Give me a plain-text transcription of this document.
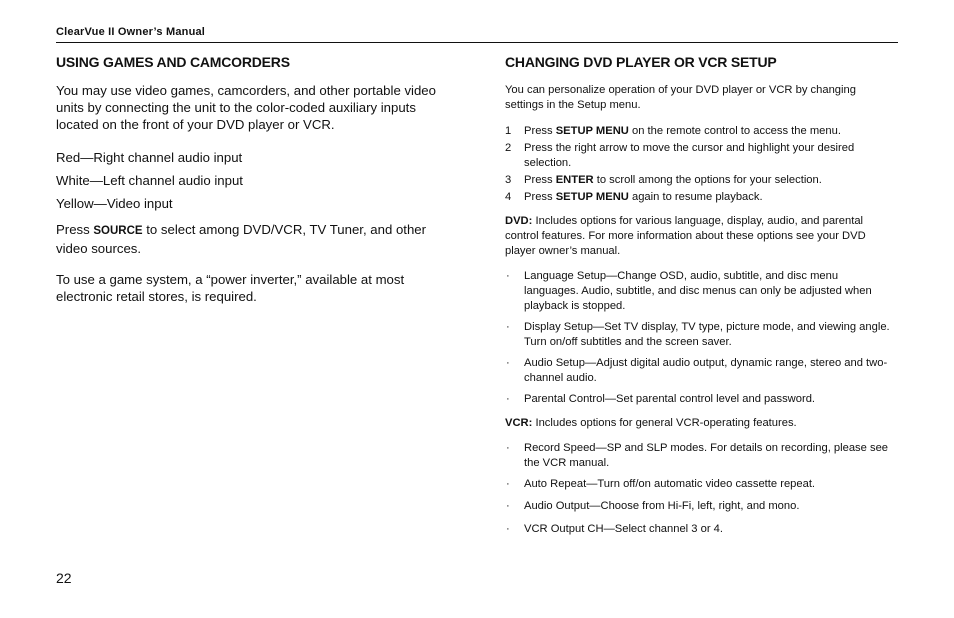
ClearVue II Owner’s Manual
USING GAMES AND CAMCORDERS

You may use video games, camcorders, and other portable video units by connecting the unit to the color-coded auxiliary inputs located on the front of your DVD player or VCR.

Red—Right channel audio input

White—Left channel audio input

Yellow—Video input

Press SOURCE to select among DVD/VCR, TV Tuner, and other video sources.

To use a game system, a “power inverter,” available at most electronic retail stores, is required.

CHANGING DVD PLAYER OR VCR SETUP

You can personalize operation of your DVD player or VCR by changing settings in the Setup menu.

1 Press SETUP MENU on the remote control to access the menu.
2 Press the right arrow to move the cursor and highlight your desired selection.
3 Press ENTER to scroll among the options for your selection.
4 Press SETUP MENU again to resume playback.

DVD: Includes options for various language, display, audio, and parental control features. For more information about these options see your DVD player owner’s manual.

· Language Setup—Change OSD, audio, subtitle, and disc menu languages. Audio, subtitle, and disc menus can only be adjusted when playback is stopped.
· Display Setup—Set TV display, TV type, picture mode, and viewing angle. Turn on/off subtitles and the screen saver.
· Audio Setup—Adjust digital audio output, dynamic range, stereo and two-channel audio.
· Parental Control—Set parental control level and password.

VCR: Includes options for general VCR-operating features.

· Record Speed—SP and SLP modes. For details on recording, please see the VCR manual.
· Auto Repeat—Turn off/on automatic video cassette repeat.
· Audio Output—Choose from Hi-Fi, left, right, and mono.
· VCR Output CH—Select channel 3 or 4.
22
